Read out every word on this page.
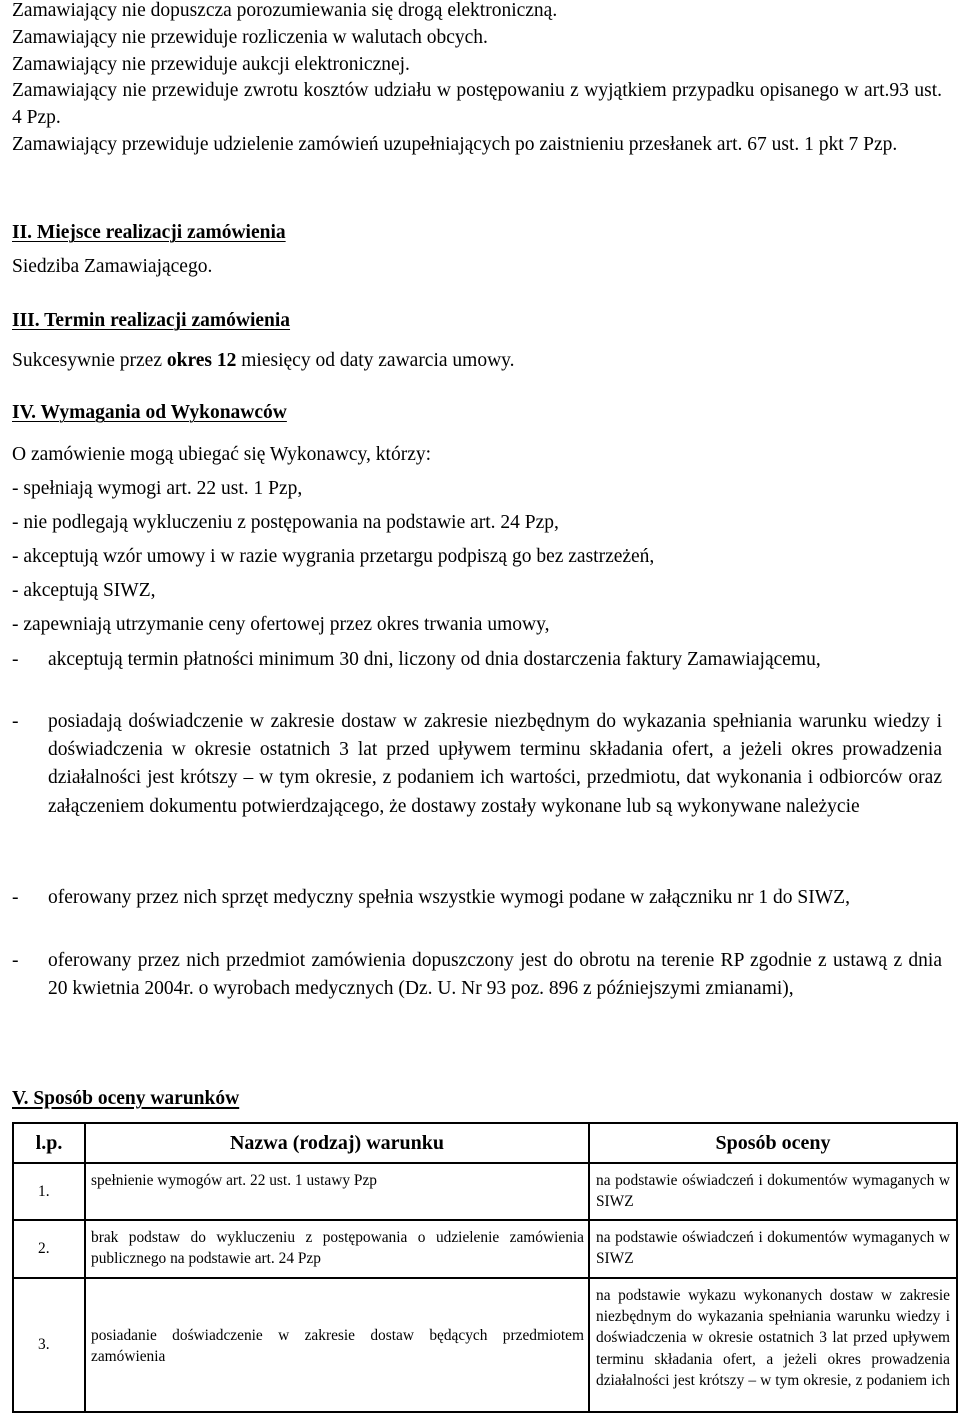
Zamawiający nie dopuszcza porozumiewania się drogą elektroniczną.

Zamawiający nie przewiduje rozliczenia w walutach obcych.

Zamawiający nie przewiduje aukcji elektronicznej.

Zamawiający nie przewiduje zwrotu kosztów udziału w postępowaniu z wyjątkiem przypadku opisanego w art.93 ust. 4 Pzp.

Zamawiający przewiduje udzielenie zamówień uzupełniających po zaistnieniu przesłanek art. 67 ust. 1 pkt 7 Pzp.

II. Miejsce realizacji zamówienia

Siedziba Zamawiającego.

III. Termin realizacji zamówienia

Sukcesywnie przez okres 12 miesięcy od daty zawarcia umowy.

IV. Wymagania od Wykonawców

O zamówienie mogą ubiegać się Wykonawcy, którzy:

- spełniają wymogi art. 22 ust. 1 Pzp,

- nie podlegają wykluczeniu z postępowania na podstawie art. 24 Pzp,

- akceptują wzór umowy i w razie wygrania przetargu podpiszą go bez zastrzeżeń,

- akceptują SIWZ,

- zapewniają utrzymanie ceny ofertowej przez okres trwania umowy,

-	akceptują termin płatności minimum 30 dni, liczony od dnia dostarczenia faktury Zamawiającemu,
-	posiadają doświadczenie w zakresie dostaw w zakresie niezbędnym do wykazania spełniania warunku wiedzy i doświadczenia w okresie ostatnich 3 lat przed upływem terminu składania ofert, a jeżeli okres prowadzenia działalności jest krótszy – w tym okresie, z podaniem ich wartości, przedmiotu, dat wykonania i odbiorców oraz załączeniem dokumentu potwierdzającego, że dostawy zostały wykonane lub są wykonywane należycie
-	oferowany przez nich sprzęt medyczny spełnia wszystkie wymogi podane w załączniku nr 1 do SIWZ,
-	oferowany przez nich przedmiot zamówienia dopuszczony jest do obrotu na terenie RP zgodnie z ustawą z dnia 20 kwietnia 2004r. o wyrobach medycznych (Dz. U. Nr 93 poz. 896 z późniejszymi zmianami),
V. Sposób oceny warunków
l.p.	Nazwa (rodzaj) warunku	Sposób oceny
1.	spełnienie wymogów art. 22 ust. 1 ustawy Pzp	na podstawie oświadczeń i dokumentów wymaganych w SIWZ
2.	brak podstaw do wykluczeniu z postępowania o udzielenie zamówienia publicznego na podstawie art. 24 Pzp	na podstawie oświadczeń i dokumentów wymaganych w SIWZ
3.	posiadanie doświadczenie w zakresie dostaw będących przedmiotem zamówienia	na podstawie wykazu wykonanych dostaw w zakresie niezbędnym do wykazania spełniania warunku wiedzy i doświadczenia w okresie ostatnich 3 lat przed upływem terminu składania ofert, a jeżeli okres prowadzenia działalności jest krótszy – w tym okresie, z podaniem ich
